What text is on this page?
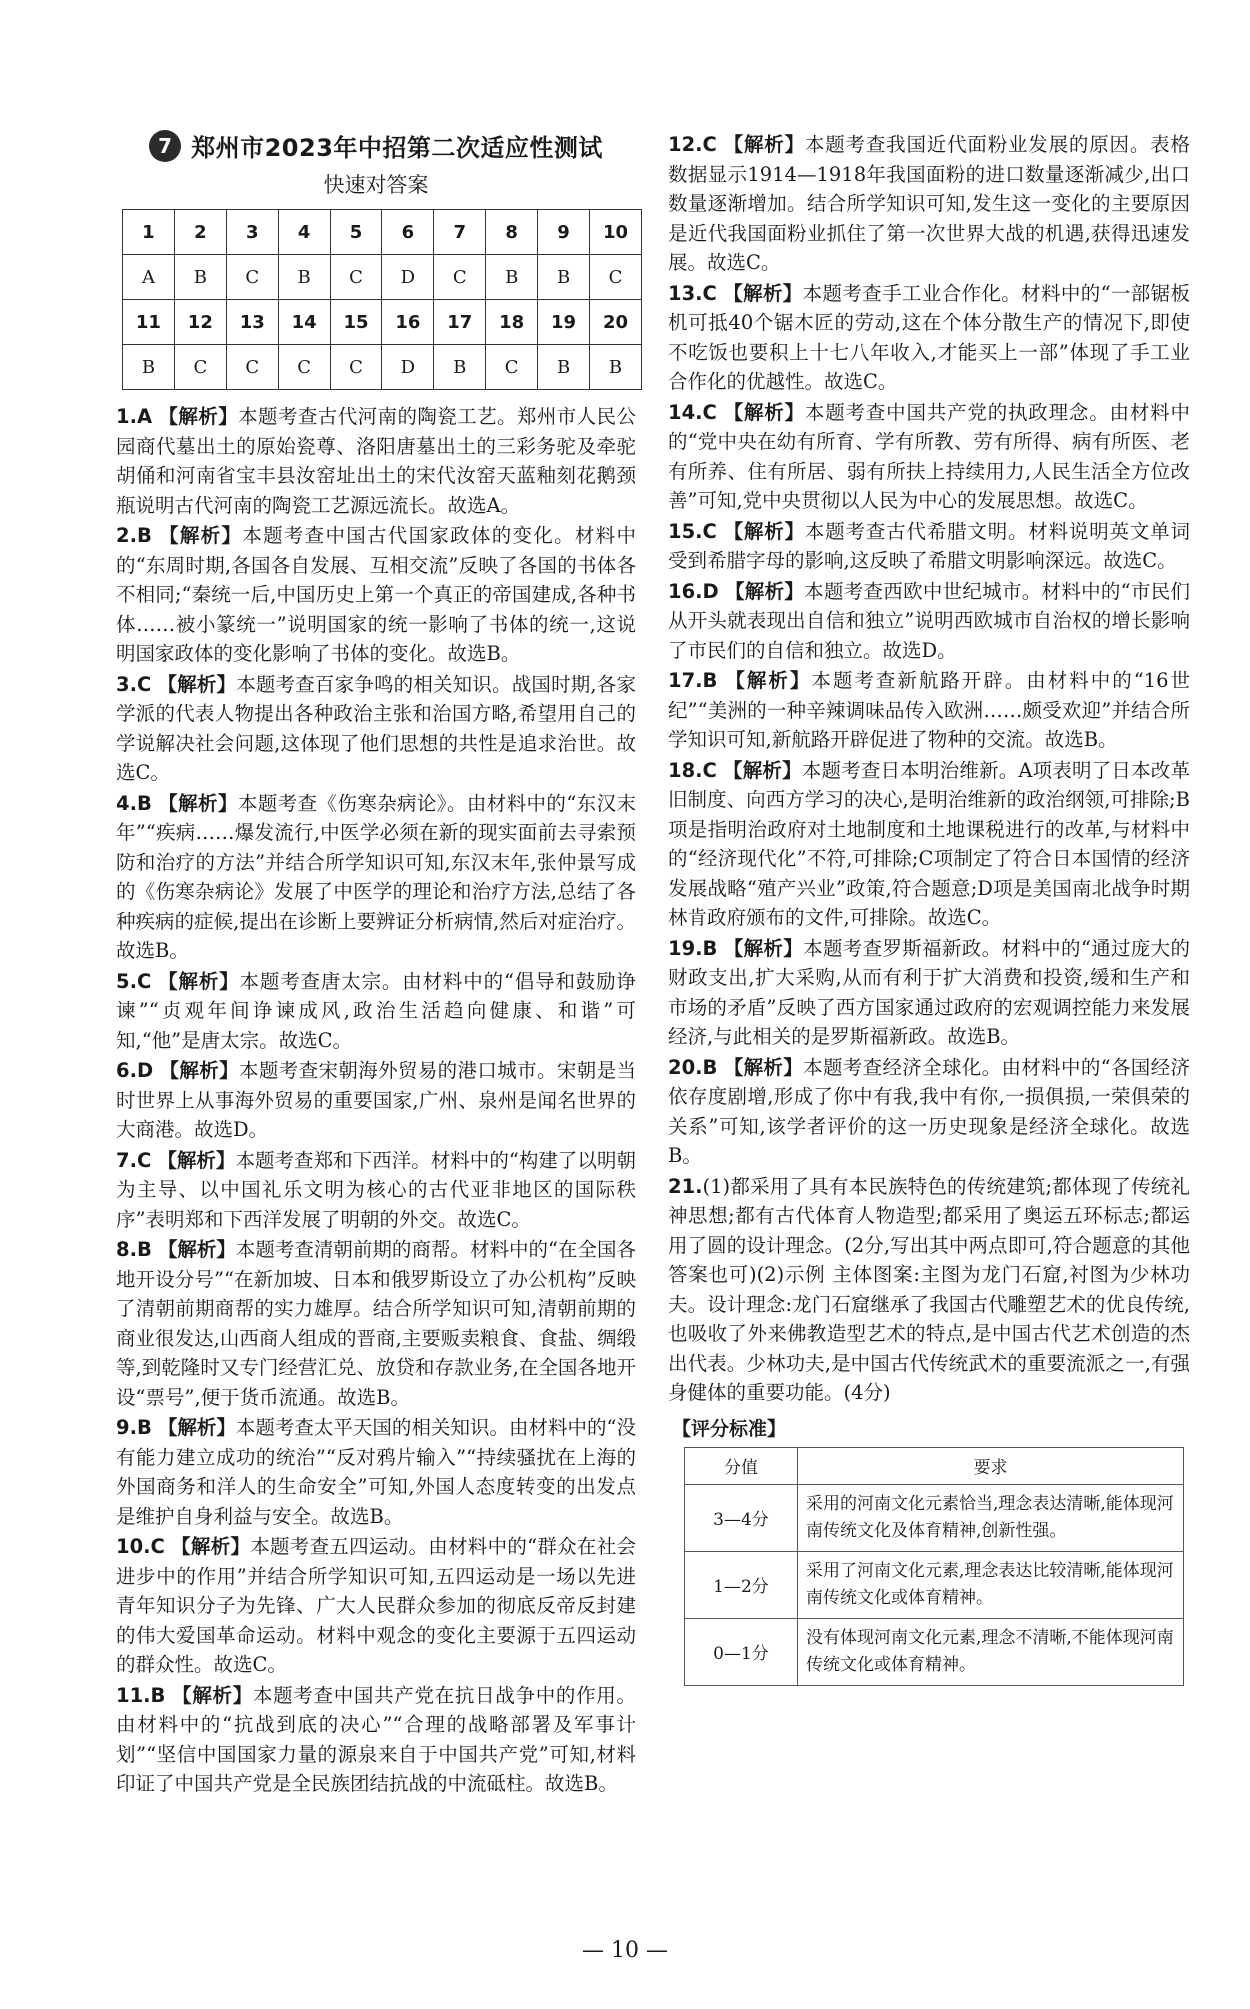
7 郑州市2023年中招第二次适应性测试
快速对答案
1	2	3	4	5	6	7	8	9	10
A	B	C	B	C	D	C	B	B	C
11	12	13	14	15	16	17	18	19	20
B	C	C	C	C	D	B	C	B	B
1.A 【解析】本题考查古代河南的陶瓷工艺。郑州市人民公园商代墓出土的原始瓷尊、洛阳唐墓出土的三彩务驼及牵驼胡俑和河南省宝丰县汝窑址出土的宋代汝窑天蓝釉刻花鹅颈瓶说明古代河南的陶瓷工艺源远流长。故选A。
2.B 【解析】本题考查中国古代国家政体的变化。材料中的“东周时期,各国各自发展、互相交流”反映了各国的书体各不相同;“秦统一后,中国历史上第一个真正的帝国建成,各种书体……被小篆统一”说明国家的统一影响了书体的统一,这说明国家政体的变化影响了书体的变化。故选B。
3.C 【解析】本题考查百家争鸣的相关知识。战国时期,各家学派的代表人物提出各种政治主张和治国方略,希望用自己的学说解决社会问题,这体现了他们思想的共性是追求治世。故选C。
4.B 【解析】本题考查《伤寒杂病论》。由材料中的“东汉末年”“疾病……爆发流行,中医学必须在新的现实面前去寻索预防和治疗的方法”并结合所学知识可知,东汉末年,张仲景写成的《伤寒杂病论》发展了中医学的理论和治疗方法,总结了各种疾病的症候,提出在诊断上要辨证分析病情,然后对症治疗。故选B。
5.C 【解析】本题考查唐太宗。由材料中的“倡导和鼓励诤谏”“贞观年间诤谏成风,政治生活趋向健康、和谐”可知,“他”是唐太宗。故选C。
6.D 【解析】本题考查宋朝海外贸易的港口城市。宋朝是当时世界上从事海外贸易的重要国家,广州、泉州是闻名世界的大商港。故选D。
7.C 【解析】本题考查郑和下西洋。材料中的“构建了以明朝为主导、以中国礼乐文明为核心的古代亚非地区的国际秩序”表明郑和下西洋发展了明朝的外交。故选C。
8.B 【解析】本题考查清朝前期的商帮。材料中的“在全国各地开设分号”“在新加坡、日本和俄罗斯设立了办公机构”反映了清朝前期商帮的实力雄厚。结合所学知识可知,清朝前期的商业很发达,山西商人组成的晋商,主要贩卖粮食、食盐、绸缎等,到乾隆时又专门经营汇兑、放贷和存款业务,在全国各地开设“票号”,便于货币流通。故选B。
9.B 【解析】本题考查太平天国的相关知识。由材料中的“没有能力建立成功的统治”“反对鸦片输入”“持续骚扰在上海的外国商务和洋人的生命安全”可知,外国人态度转变的出发点是维护自身利益与安全。故选B。
10.C 【解析】本题考查五四运动。由材料中的“群众在社会进步中的作用”并结合所学知识可知,五四运动是一场以先进青年知识分子为先锋、广大人民群众参加的彻底反帝反封建的伟大爱国革命运动。材料中观念的变化主要源于五四运动的群众性。故选C。
11.B 【解析】本题考查中国共产党在抗日战争中的作用。由材料中的“抗战到底的决心”“合理的战略部署及军事计划”“坚信中国国家力量的源泉来自于中国共产党”可知,材料印证了中国共产党是全民族团结抗战的中流砥柱。故选B。
12.C 【解析】本题考查我国近代面粉业发展的原因。表格数据显示1914—1918年我国面粉的进口数量逐渐减少,出口数量逐渐增加。结合所学知识可知,发生这一变化的主要原因是近代我国面粉业抓住了第一次世界大战的机遇,获得迅速发展。故选C。
13.C 【解析】本题考查手工业合作化。材料中的“一部锯板机可抵40个锯木匠的劳动,这在个体分散生产的情况下,即使不吃饭也要积上十七八年收入,才能买上一部”体现了手工业合作化的优越性。故选C。
14.C 【解析】本题考查中国共产党的执政理念。由材料中的“党中央在幼有所育、学有所教、劳有所得、病有所医、老有所养、住有所居、弱有所扶上持续用力,人民生活全方位改善”可知,党中央贯彻以人民为中心的发展思想。故选C。
15.C 【解析】本题考查古代希腊文明。材料说明英文单词受到希腊字母的影响,这反映了希腊文明影响深远。故选C。
16.D 【解析】本题考查西欧中世纪城市。材料中的“市民们从开头就表现出自信和独立”说明西欧城市自治权的增长影响了市民们的自信和独立。故选D。
17.B 【解析】本题考查新航路开辟。由材料中的“16世纪”“美洲的一种辛辣调味品传入欧洲……颇受欢迎”并结合所学知识可知,新航路开辟促进了物种的交流。故选B。
18.C 【解析】本题考查日本明治维新。A项表明了日本改革旧制度、向西方学习的决心,是明治维新的政治纲领,可排除;B项是指明治政府对土地制度和土地课税进行的改革,与材料中的“经济现代化”不符,可排除;C项制定了符合日本国情的经济发展战略“殖产兴业”政策,符合题意;D项是美国南北战争时期林肯政府颁布的文件,可排除。故选C。
19.B 【解析】本题考查罗斯福新政。材料中的“通过庞大的财政支出,扩大采购,从而有利于扩大消费和投资,缓和生产和市场的矛盾”反映了西方国家通过政府的宏观调控能力来发展经济,与此相关的是罗斯福新政。故选B。
20.B 【解析】本题考查经济全球化。由材料中的“各国经济依存度剧增,形成了你中有我,我中有你,一损俱损,一荣俱荣的关系”可知,该学者评价的这一历史现象是经济全球化。故选B。
21.(1)都采用了具有本民族特色的传统建筑;都体现了传统礼神思想;都有古代体育人物造型;都采用了奥运五环标志;都运用了圆的设计理念。(2分,写出其中两点即可,符合题意的其他答案也可)(2)示例 主体图案:主图为龙门石窟,衬图为少林功夫。设计理念:龙门石窟继承了我国古代雕塑艺术的优良传统,也吸收了外来佛教造型艺术的特点,是中国古代艺术创造的杰出代表。少林功夫,是中国古代传统武术的重要流派之一,有强身健体的重要功能。(4分)
【评分标准】
分值	要求
3—4分	采用的河南文化元素恰当,理念表达清晰,能体现河南传统文化及体育精神,创新性强。
1—2分	采用了河南文化元素,理念表达比较清晰,能体现河南传统文化或体育精神。
0—1分	没有体现河南文化元素,理念不清晰,不能体现河南传统文化或体育精神。
— 10 —
